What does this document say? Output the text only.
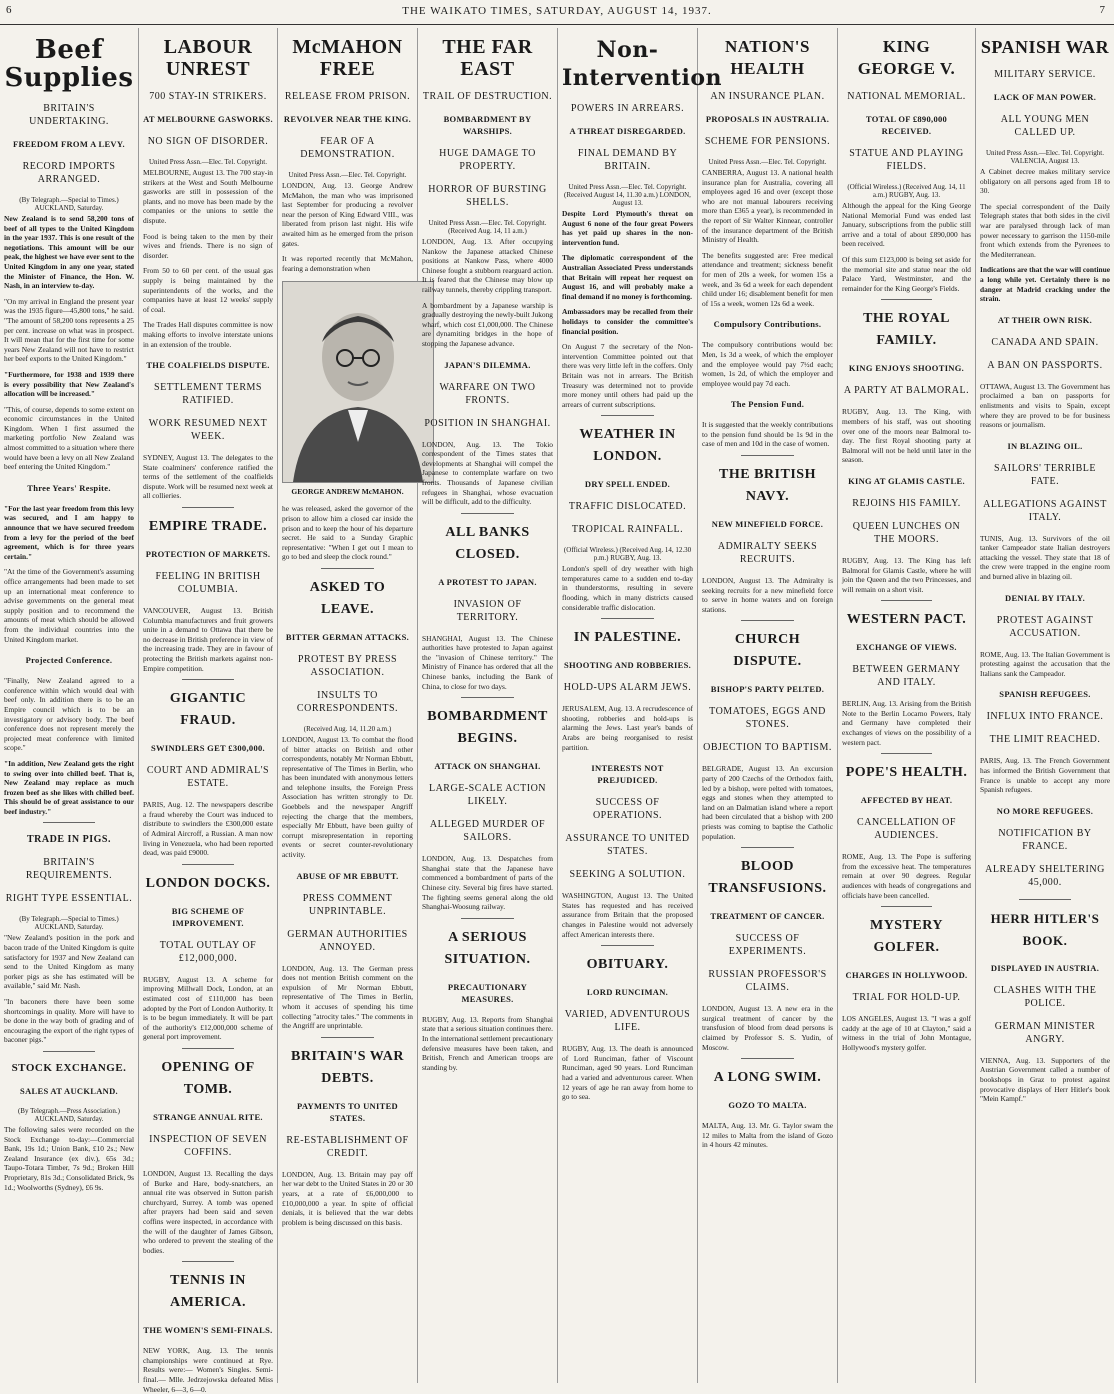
6	THE WAIKATO TIMES, SATURDAY, AUGUST 14, 1937.	7
Beef Supplies
BRITAIN'S UNDERTAKING.
FREEDOM FROM A LEVY.
RECORD IMPORTS ARRANGED.
(By Telegraph.—Special to Times.) AUCKLAND, Saturday.

New Zealand is to send 58,200 tons of beef of all types to the United Kingdom in the year 1937. This is one result of the negotiations. This amount will be our peak, the highest we have ever sent to the United Kingdom in any one year, stated the Minister of Finance, the Hon. W. Nash, in an interview to-day.

"On my arrival in England the present year was the 1935 figure—45,800 tons," he said. "The amount of 58,200 tons represents a 25 per cent. increase on what was in prospect. It will mean that for the first time for some years New Zealand will not have to restrict her beef exports to the United Kingdom."

"Furthermore, for 1938 and 1939 there is every possibility that New Zealand's allocation will be increased."

"This, of course, depends to some extent on economic circumstances in the United Kingdom. When I first assumed the marketing portfolio New Zealand was almost committed to a situation where there would have been a levy on all New Zealand beef entering the United Kingdom."

Three Years' Respite.

"For the last year freedom from this levy was secured, and I am happy to announce that we have secured freedom from a levy for the period of the beef agreement, which is for three years certain."

"At the time of the Government's assuming office arrangements had been made to set up an international meat conference to advise governments on the general meat supply position and to recommend the amounts of meat which should be allowed from the individual countries into the United Kingdom market.

Projected Conference.

"Finally, New Zealand agreed to a conference within which would deal with beef only. In addition there is to be an Empire council which is to be an investigatory or advisory body. The beef conference does not represent merely the projected meat conference with limited scope."

"In addition, New Zealand gets the right to swing over into chilled beef. That is, New Zealand may replace as much frozen beef as she likes with chilled beef. This should be of great assistance to our beef industry."

TRADE IN PIGS.
BRITAIN'S REQUIREMENTS.
RIGHT TYPE ESSENTIAL.
(By Telegraph.—Special to Times.) AUCKLAND, Saturday.

"New Zealand's position in the pork and bacon trade of the United Kingdom is quite satisfactory for 1937 and New Zealand can send to the United Kingdom as many porker pigs as she has estimated will be available," said Mr. Nash.

"In baconers there have been some shortcomings in quality. More will have to be done in the way both of grading and of encouraging the export of the right types of baconer pigs."

STOCK EXCHANGE.
SALES AT AUCKLAND.
(By Telegraph.—Press Association.) AUCKLAND, Saturday.

The following sales were recorded on the Stock Exchange to-day:—Commercial Bank, 19s 1d.; Union Bank, £10 2s.; New Zealand Insurance (ex div.), 65s 3d.; Taupo-Totara Timber, 7s 9d.; Broken Hill Proprietary, 81s 3d.; Consolidated Brick, 9s 1d.; Woolworths (Sydney), £6 9s.

LABOUR UNREST
700 STAY-IN STRIKERS.
AT MELBOURNE GASWORKS.
NO SIGN OF DISORDER.
United Press Assn.—Elec. Tel. Copyright.

MELBOURNE, August 13. The 700 stay-in strikers at the West and South Melbourne gasworks are still in possession of the plants, and no move has been made by the companies or the unions to settle the dispute.

Food is being taken to the men by their wives and friends. There is no sign of disorder.

From 50 to 60 per cent. of the usual gas supply is being maintained by the superintendents of the works, and the companies have at least 12 weeks' supply of coal.

The Trades Hall disputes committee is now making efforts to involve interstate unions in an extension of the trouble.

THE COALFIELDS DISPUTE.
SETTLEMENT TERMS RATIFIED.
WORK RESUMED NEXT WEEK.

SYDNEY, August 13. The delegates to the State coalminers' conference ratified the terms of the settlement of the coalfields dispute. Work will be resumed next week at all collieries.

EMPIRE TRADE.
PROTECTION OF MARKETS.
FEELING IN BRITISH COLUMBIA.

VANCOUVER, August 13. British Columbia manufacturers and fruit growers unite in a demand to Ottawa that there be no decrease in British preference in view of the increasing trade. They are in favour of protecting the British markets against non-Empire competition.

GIGANTIC FRAUD.
SWINDLERS GET £300,000.
COURT AND ADMIRAL'S ESTATE.

PARIS, Aug. 12. The newspapers describe a fraud whereby the Court was induced to distribute to swindlers the £300,000 estate of Admiral Aircroff, a Russian. A man now living in Venezuela, who had been reported dead, was paid £9000.

LONDON DOCKS.
BIG SCHEME OF IMPROVEMENT.
TOTAL OUTLAY OF £12,000,000.

RUGBY, August 13. A scheme for improving Millwall Dock, London, at an estimated cost of £110,000 has been adopted by the Port of London Authority. It is to be begun immediately. It will be part of the authority's £12,000,000 scheme of general port improvement.

OPENING OF TOMB.
STRANGE ANNUAL RITE.
INSPECTION OF SEVEN COFFINS.

LONDON, August 13. Recalling the days of Burke and Hare, body-snatchers, an annual rite was observed in Sutton parish churchyard, Surrey. A tomb was opened after prayers had been said and seven coffins were inspected, in accordance with the will of the daughter of James Gibson, who ordered to prevent the stealing of the bodies.

TENNIS IN AMERICA.
THE WOMEN'S SEMI-FINALS.

NEW YORK, Aug. 13. The tennis championships were continued at Rye. Results were:— Women's Singles. Semi-final.— Mlle. Jedrzejowska defeated Miss Wheeler, 6—3, 6—0.

McMAHON FREE
RELEASE FROM PRISON.
REVOLVER NEAR THE KING.
FEAR OF A DEMONSTRATION.
United Press Assn.—Elec. Tel. Copyright.

LONDON, Aug. 13. George Andrew McMahon, the man who was imprisoned last September for producing a revolver near the person of King Edward VIII., was liberated from prison last night. His wife awaited him as he emerged from the prison gates.

It was reported recently that McMahon, fearing a demonstration when

GEORGE ANDREW McMAHON.

he was released, asked the governor of the prison to allow him a closed car inside the prison and to keep the hour of his departure secret. He said to a Sunday Graphic representative: "When I get out I mean to go to bed and sleep the clock round."

ASKED TO LEAVE.
BITTER GERMAN ATTACKS.
PROTEST BY PRESS ASSOCIATION.
INSULTS TO CORRESPONDENTS.
(Received Aug. 14, 11.20 a.m.)

LONDON, August 13. To combat the flood of bitter attacks on British and other correspondents, notably Mr Norman Ebbutt, representative of The Times in Berlin, who has been inundated with anonymous letters and telephone insults, the Foreign Press Association has written strongly to Dr. Goebbels and the newspaper Angriff rejecting the charge that the members, especially Mr Ebbutt, have been guilty of corrupt misrepresentation in reporting events or secret counter-revolutionary activity.

ABUSE OF MR EBBUTT.
PRESS COMMENT UNPRINTABLE.
GERMAN AUTHORITIES ANNOYED.

LONDON, Aug. 13. The German press does not mention British comment on the expulsion of Mr Norman Ebbutt, representative of The Times in Berlin, whom it accuses of spending his time collecting "atrocity tales." The comments in the Angriff are unprintable.

BRITAIN'S WAR DEBTS.
PAYMENTS TO UNITED STATES.
RE-ESTABLISHMENT OF CREDIT.

LONDON, Aug. 13. Britain may pay off her war debt to the United States in 20 or 30 years, at a rate of £6,000,000 to £10,000,000 a year. In spite of official denials, it is believed that the war debts problem is being discussed on this basis.

THE FAR EAST
TRAIL OF DESTRUCTION.
BOMBARDMENT BY WARSHIPS.
HUGE DAMAGE TO PROPERTY.
HORROR OF BURSTING SHELLS.
United Press Assn.—Elec. Tel. Copyright. (Received Aug. 14, 11 a.m.)

LONDON, Aug. 13. After occupying Nankow the Japanese attacked Chinese positions at Nankow Pass, where 4000 Chinese fought a stubborn rearguard action. It is feared that the Chinese may blow up railway tunnels, thereby crippling transport.

A bombardment by a Japanese warship is gradually destroying the newly-built Jukong wharf, which cost £1,000,000. The Chinese are dynamiting bridges in the hope of stopping the Japanese advance.

JAPAN'S DILEMMA.
WARFARE ON TWO FRONTS.
POSITION IN SHANGHAI.

LONDON, Aug. 13. The Tokio correspondent of the Times states that developments at Shanghai will compel the Japanese to contemplate warfare on two fronts. Thousands of Japanese civilian refugees in Shanghai, whose evacuation will be difficult, add to the difficulty.

ALL BANKS CLOSED.
A PROTEST TO JAPAN.
INVASION OF TERRITORY.

SHANGHAI, August 13. The Chinese authorities have protested to Japan against the "invasion of Chinese territory." The Ministry of Finance has ordered that all the Chinese banks, including the Bank of China, to close for two days.

BOMBARDMENT BEGINS.
ATTACK ON SHANGHAI.
LARGE-SCALE ACTION LIKELY.
ALLEGED MURDER OF SAILORS.

LONDON, Aug. 13. Despatches from Shanghai state that the Japanese have commenced a bombardment of parts of the Chinese city. Several big fires have started. The fighting seems general along the old Shanghai-Woosung railway.

A SERIOUS SITUATION.
PRECAUTIONARY MEASURES.

RUGBY, Aug. 13. Reports from Shanghai state that a serious situation continues there. In the international settlement precautionary defensive measures have been taken, and British, French and American troops are standing by.

Non-Intervention
POWERS IN ARREARS.
A THREAT DISREGARDED.
FINAL DEMAND BY BRITAIN.
United Press Assn.—Elec. Tel. Copyright. (Received August 14, 11.30 a.m.) LONDON, August 13.

Despite Lord Plymouth's threat on August 6 none of the four great Powers has yet paid up shares in the non-intervention fund.

The diplomatic correspondent of the Australian Associated Press understands that Britain will repeat her request on August 16, and will probably make a final demand if no money is forthcoming.

Ambassadors may be recalled from their holidays to consider the committee's financial position.

On August 7 the secretary of the Non-intervention Committee pointed out that there was very little left in the coffers. Only Britain was not in arrears. The British Treasury was determined not to provide more money until others had paid up the arrears of current subscriptions.

WEATHER IN LONDON.
DRY SPELL ENDED.
TRAFFIC DISLOCATED.
TROPICAL RAINFALL.
(Official Wireless.) (Received Aug. 14, 12.30 p.m.) RUGBY, Aug. 13.

London's spell of dry weather with high temperatures came to a sudden end to-day in thunderstorms, resulting in severe flooding, which in many districts caused considerable traffic dislocation.

IN PALESTINE.
SHOOTING AND ROBBERIES.
HOLD-UPS ALARM JEWS.

JERUSALEM, Aug. 13. A recrudescence of shooting, robberies and hold-ups is alarming the Jews. Last year's bands of Arabs are being reorganised to resist partition.

INTERESTS NOT PREJUDICED.
SUCCESS OF OPERATIONS.
ASSURANCE TO UNITED STATES.
SEEKING A SOLUTION.

WASHINGTON, August 13. The United States has requested and has received assurance from Britain that the proposed changes in Palestine would not adversely affect American interests there.

OBITUARY.
LORD RUNCIMAN.
VARIED, ADVENTUROUS LIFE.

RUGBY, Aug. 13. The death is announced of Lord Runciman, father of Viscount Runciman, aged 90 years. Lord Runciman had a varied and adventurous career. When 12 years of age he ran away from home to go to sea.

NATION'S HEALTH
AN INSURANCE PLAN.
PROPOSALS IN AUSTRALIA.
SCHEME FOR PENSIONS.
United Press Assn.—Elec. Tel. Copyright.

CANBERRA, August 13. A national health insurance plan for Australia, covering all employees aged 16 and over (except those who are not manual labourers receiving more than £365 a year), is recommended in the report of Sir Walter Kinnear, controller of the insurance department of the British Ministry of Health.

The benefits suggested are: Free medical attendance and treatment; sickness benefit for men of 20s a week, for women 15s a week, and 3s 6d a week for each dependent child under 16; disablement benefit for men of 15s a week, women 12s 6d a week.

Compulsory Contributions.

The compulsory contributions would be: Men, 1s 3d a week, of which the employer and the employee would pay 7½d each; women, 1s 2d, of which the employer and employee would pay 7d each.

The Pension Fund.

It is suggested that the weekly contributions to the pension fund should be 1s 9d in the case of men and 10d in the case of women.

THE BRITISH NAVY.
NEW MINEFIELD FORCE.
ADMIRALTY SEEKS RECRUITS.

LONDON, August 13. The Admiralty is seeking recruits for a new minefield force to serve in home waters and on foreign stations.

CHURCH DISPUTE.
BISHOP'S PARTY PELTED.
TOMATOES, EGGS AND STONES.
OBJECTION TO BAPTISM.

BELGRADE, August 13. An excursion party of 200 Czechs of the Orthodox faith, led by a bishop, were pelted with tomatoes, eggs and stones when they attempted to land on an Dalmatian island where a report had been circulated that a bishop with 200 priests was coming to baptise the Catholic population.

BLOOD TRANSFUSIONS.
TREATMENT OF CANCER.
SUCCESS OF EXPERIMENTS.
RUSSIAN PROFESSOR'S CLAIMS.

LONDON, August 13. A new era in the surgical treatment of cancer by the transfusion of blood from dead persons is claimed by Professor S. S. Yudin, of Moscow.

A LONG SWIM.
GOZO TO MALTA.

MALTA, Aug. 13. Mr. G. Taylor swam the 12 miles to Malta from the island of Gozo in 4 hours 42 minutes.

KING GEORGE V.
NATIONAL MEMORIAL.
TOTAL OF £890,000 RECEIVED.
STATUE AND PLAYING FIELDS.
(Official Wireless.) (Received Aug. 14, 11 a.m.) RUGBY, Aug. 13.

Although the appeal for the King George National Memorial Fund was ended last January, subscriptions from the public still arrive and a total of about £890,000 has been received.

Of this sum £123,000 is being set aside for the memorial site and statue near the old Palace Yard, Westminster, and the remainder for the King George's Fields.

THE ROYAL FAMILY.
KING ENJOYS SHOOTING.
A PARTY AT BALMORAL.

RUGBY, Aug. 13. The King, with members of his staff, was out shooting over one of the moors near Balmoral to-day. The first Royal shooting party at Balmoral will not be held until later in the season.

KING AT GLAMIS CASTLE.
REJOINS HIS FAMILY.
QUEEN LUNCHES ON THE MOORS.

RUGBY, Aug. 13. The King has left Balmoral for Glamis Castle, where he will join the Queen and the two Princesses, and will remain on a short visit.

WESTERN PACT.
EXCHANGE OF VIEWS.
BETWEEN GERMANY AND ITALY.

BERLIN, Aug. 13. Arising from the British Note to the Berlin Locarno Powers, Italy and Germany have completed their exchanges of views on the possibility of a western pact.

POPE'S HEALTH.
AFFECTED BY HEAT.
CANCELLATION OF AUDIENCES.

ROME, Aug. 13. The Pope is suffering from the excessive heat. The temperatures remain at over 90 degrees. Regular audiences with heads of congregations and officials have been cancelled.

MYSTERY GOLFER.
CHARGES IN HOLLYWOOD.
TRIAL FOR HOLD-UP.

LOS ANGELES, August 13. "I was a golf caddy at the age of 10 at Clayton," said a witness in the trial of John Montague, Hollywood's mystery golfer.

SPANISH WAR
MILITARY SERVICE.
LACK OF MAN POWER.
ALL YOUNG MEN CALLED UP.
United Press Assn.—Elec. Tel. Copyright. VALENCIA, August 13.

A Cabinet decree makes military service obligatory on all persons aged from 18 to 30.

The special correspondent of the Daily Telegraph states that both sides in the civil war are paralysed through lack of man power necessary to garrison the 1150-mile front which extends from the Pyrenees to the Mediterranean.

Indications are that the war will continue a long while yet. Certainly there is no danger at Madrid cracking under the strain.

AT THEIR OWN RISK.
CANADA AND SPAIN.
A BAN ON PASSPORTS.

OTTAWA, August 13. The Government has proclaimed a ban on passports for enlistments and visits to Spain, except where they are proved to be for business reasons or journalism.

IN BLAZING OIL.
SAILORS' TERRIBLE FATE.
ALLEGATIONS AGAINST ITALY.

TUNIS, Aug. 13. Survivors of the oil tanker Campeador state Italian destroyers attacking the vessel. They state that 18 of the crew were trapped in the engine room and burned alive in blazing oil.

DENIAL BY ITALY.
PROTEST AGAINST ACCUSATION.

ROME, Aug. 13. The Italian Government is protesting against the accusation that the Italians sank the Campeador.

SPANISH REFUGEES.
INFLUX INTO FRANCE.
THE LIMIT REACHED.

PARIS, Aug. 13. The French Government has informed the British Government that France is unable to accept any more Spanish refugees.

NO MORE REFUGEES.
NOTIFICATION BY FRANCE.
ALREADY SHELTERING 45,000.
HERR HITLER'S BOOK.
DISPLAYED IN AUSTRIA.
CLASHES WITH THE POLICE.
GERMAN MINISTER ANGRY.

VIENNA, Aug. 13. Supporters of the Austrian Government called a number of bookshops in Graz to protest against provocative displays of Herr Hitler's book "Mein Kampf."
